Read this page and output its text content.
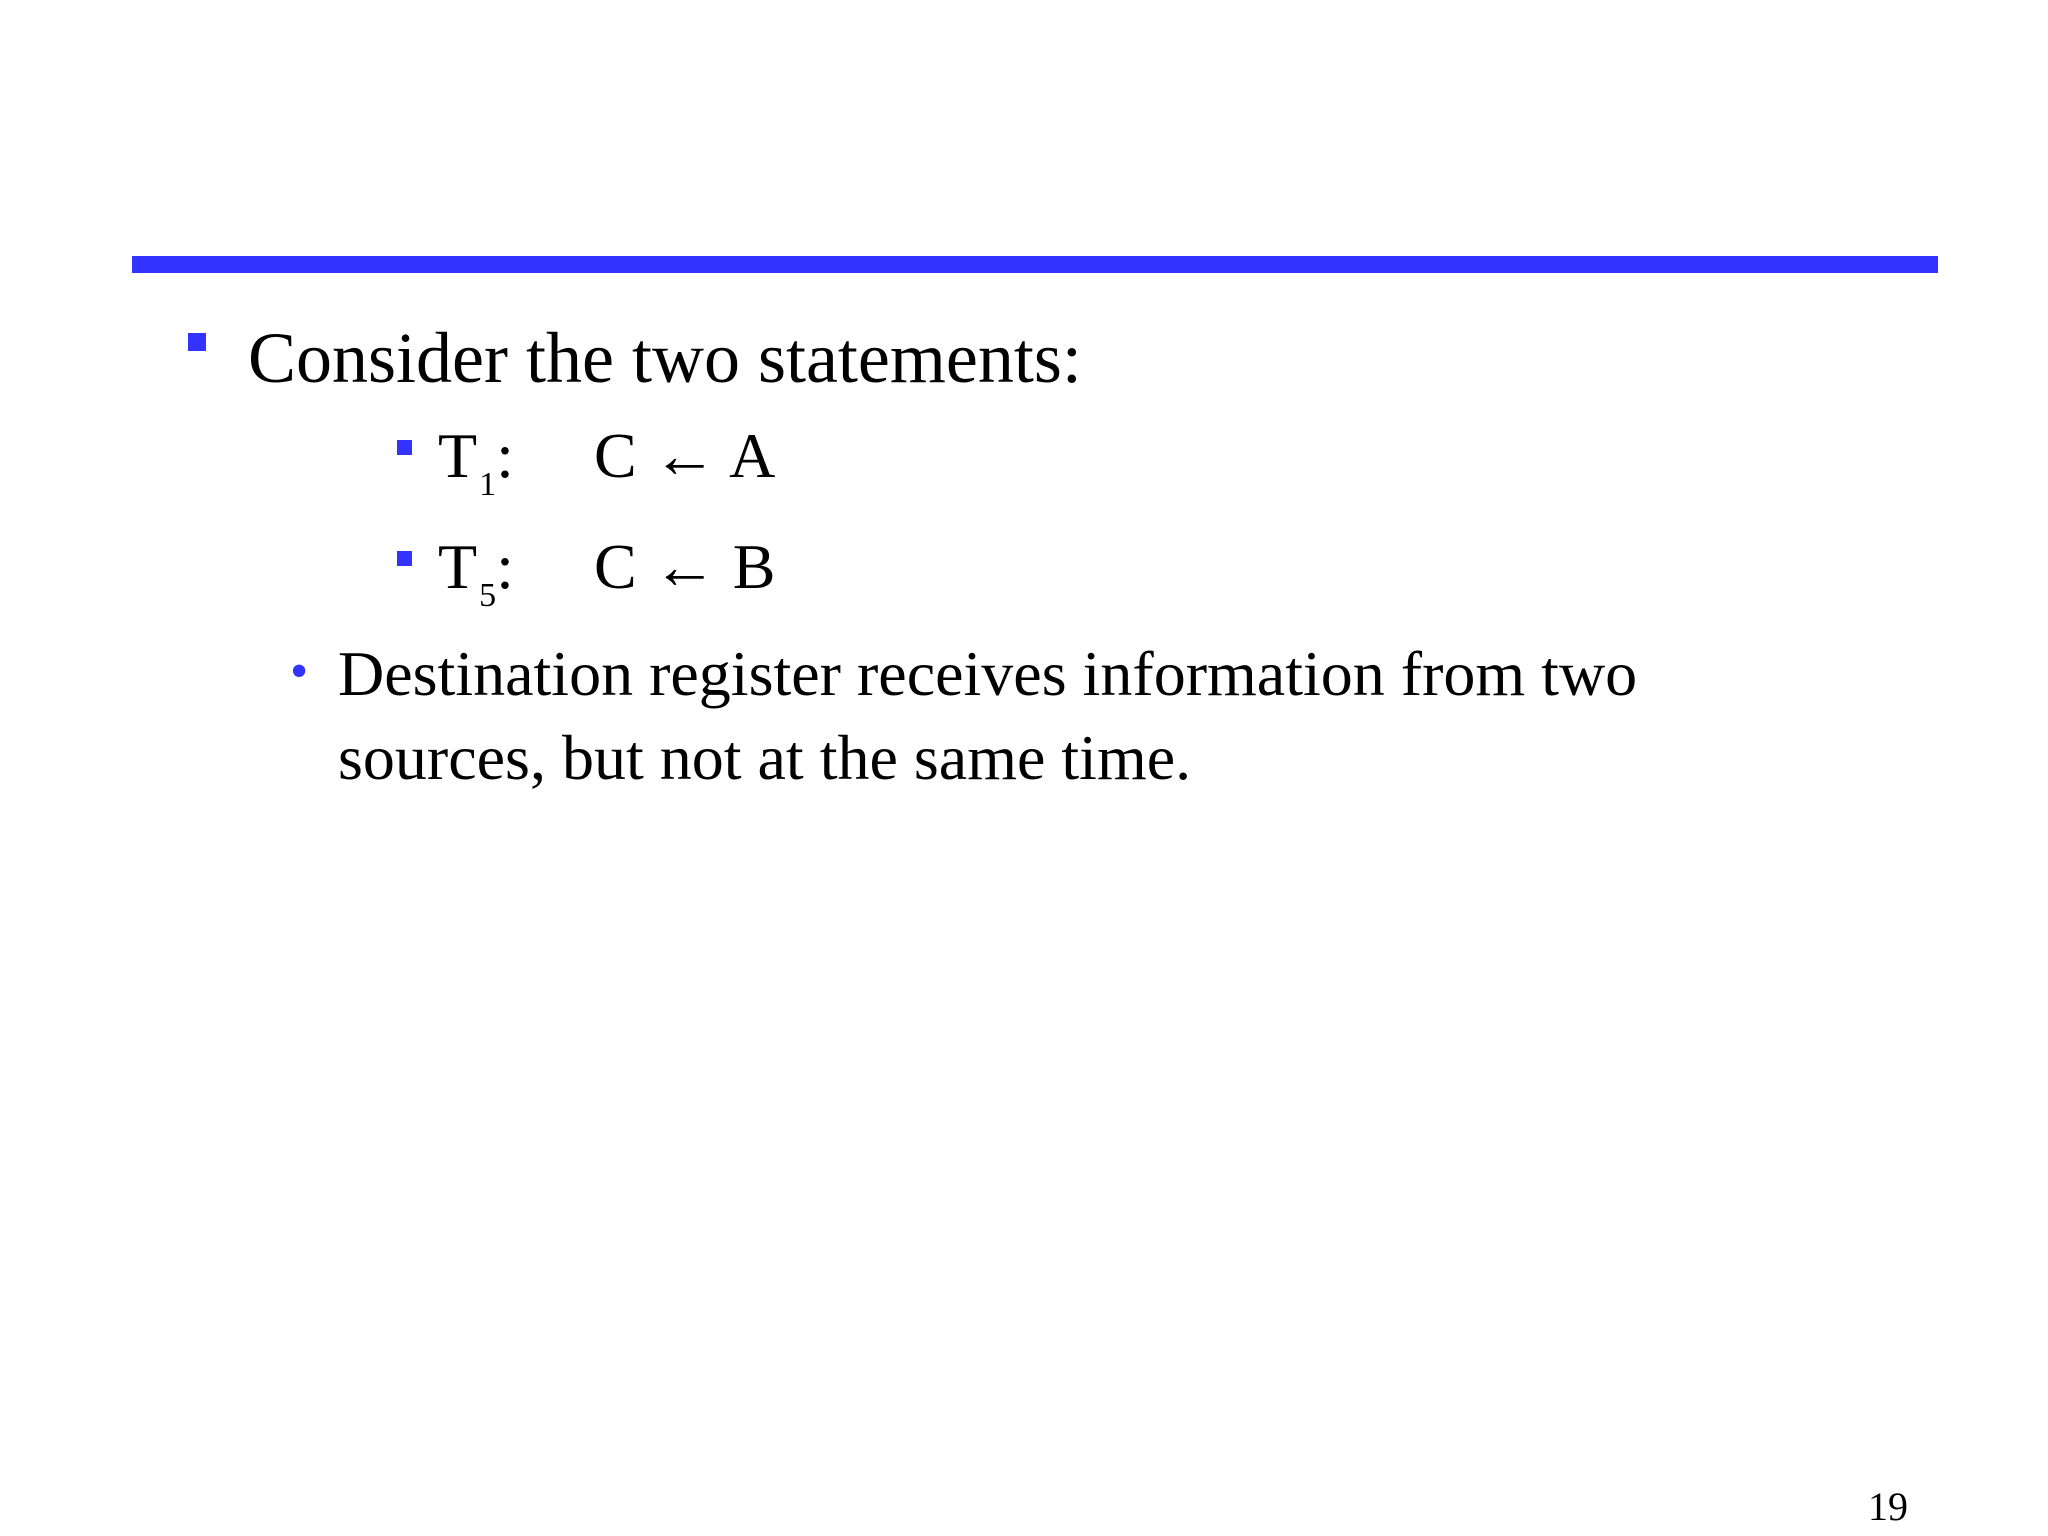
Consider the two statements:
$T_1$: C ← A
$T_5$: C ← B
• Destination register receives information from two sources, but not at the same time.
19
